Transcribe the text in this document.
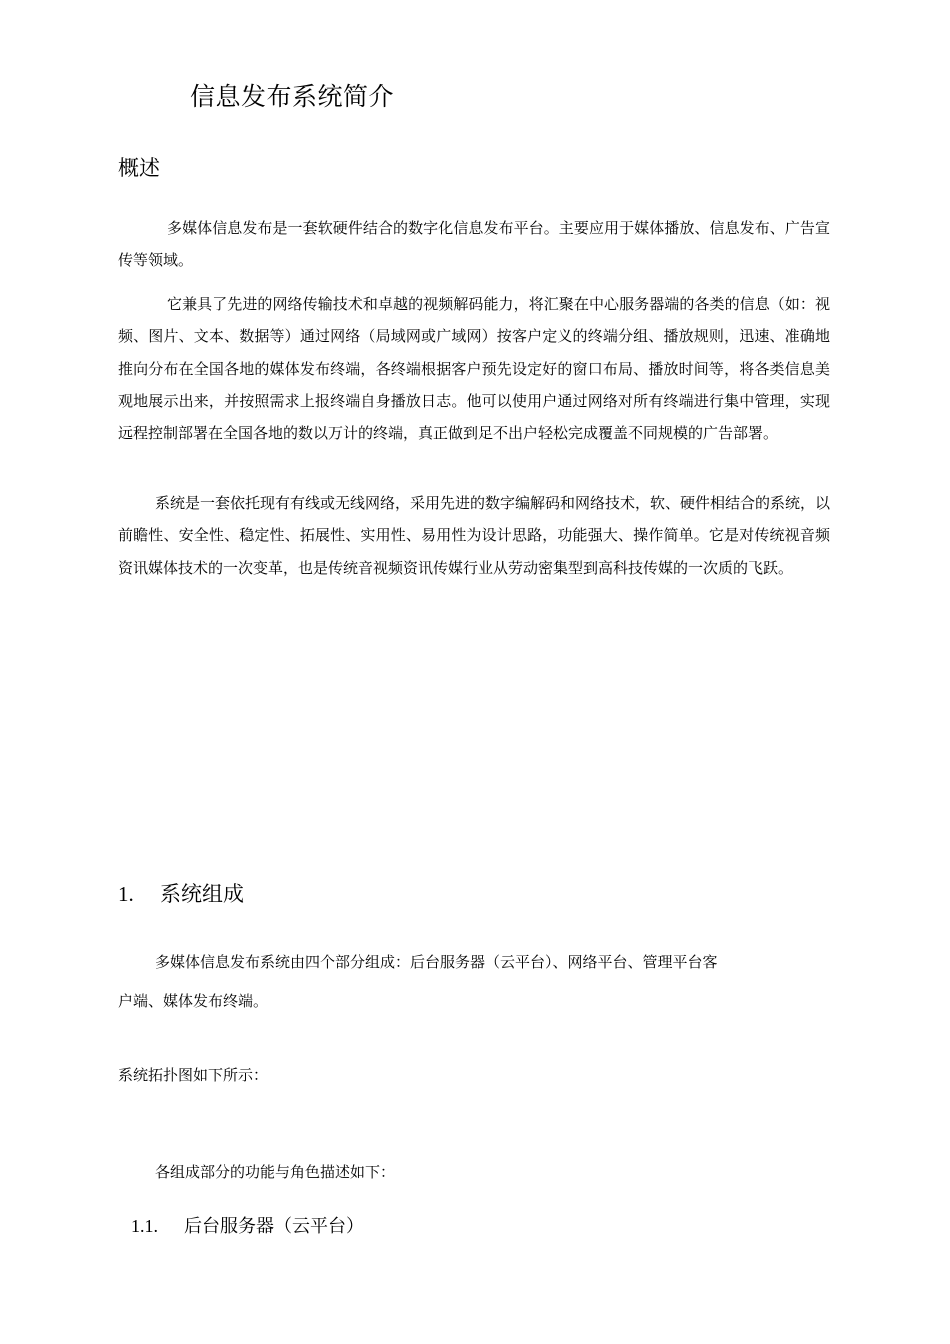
信息发布系统简介
概述

多媒体信息发布是一套软硬件结合的数字化信息发布平台。主要应用于媒体播放、信息发布、广告宣传等领域。

它兼具了先进的网络传输技术和卓越的视频解码能力，将汇聚在中心服务器端的各类的信息（如：视频、图片、文本、数据等）通过网络（局域网或广域网）按客户定义的终端分组、播放规则，迅速、准确地推向分布在全国各地的媒体发布终端，各终端根据客户预先设定好的窗口布局、播放时间等，将各类信息美观地展示出来，并按照需求上报终端自身播放日志。他可以使用户通过网络对所有终端进行集中管理，实现远程控制部署在全国各地的数以万计的终端，真正做到足不出户轻松完成覆盖不同规模的广告部署。

系统是一套依托现有有线或无线网络，采用先进的数字编解码和网络技术，软、硬件相结合的系统，以前瞻性、安全性、稳定性、拓展性、实用性、易用性为设计思路，功能强大、操作简单。它是对传统视音频资讯媒体技术的一次变革，也是传统音视频资讯传媒行业从劳动密集型到高科技传媒的一次质的飞跃。

1. 系统组成
多媒体信息发布系统由四个部分组成：后台服务器（云平台）、网络平台、管理平台客
户端、媒体发布终端。
系统拓扑图如下所示：
各组成部分的功能与角色描述如下：
1.1. 后台服务器（云平台）
